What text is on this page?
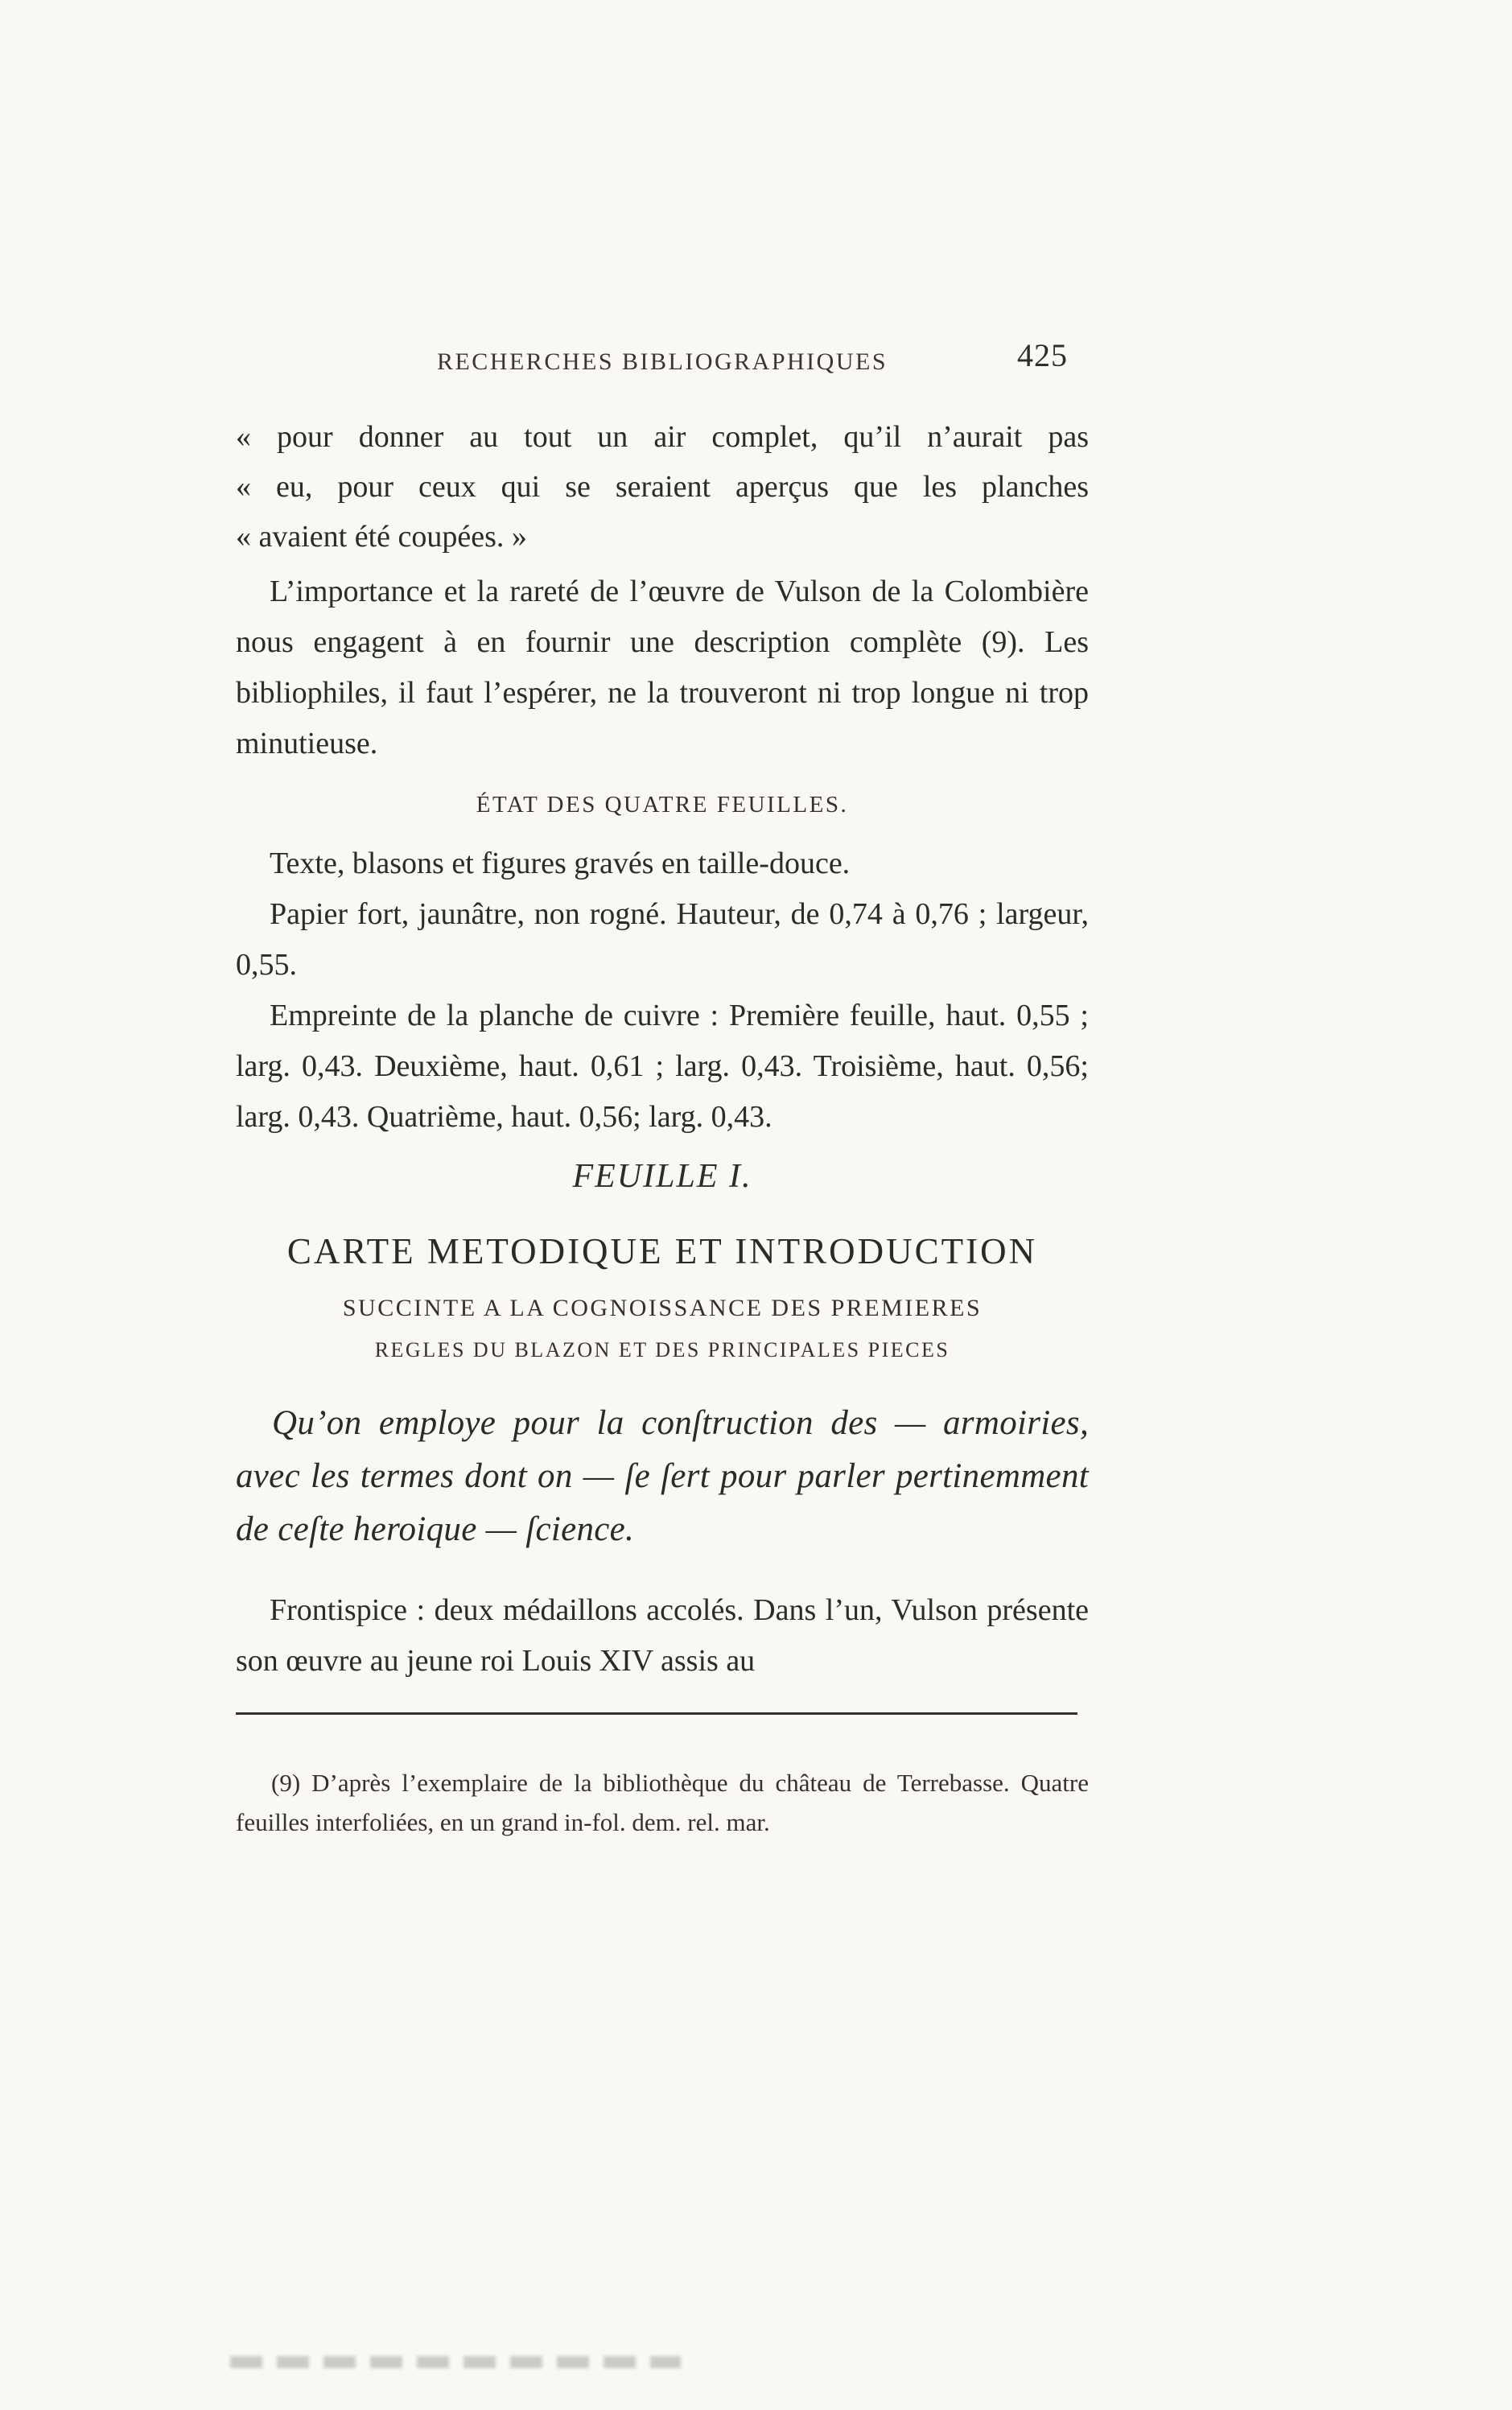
RECHERCHES BIBLIOGRAPHIQUES	425
« pour donner au tout un air complet, qu’il n’aurait pas
« eu, pour ceux qui se seraient aperçus que les planches
« avaient été coupées. »

L’importance et la rareté de l’œuvre de Vulson de la Colombière nous engagent à en fournir une description complète (9). Les bibliophiles, il faut l’espérer, ne la trouveront ni trop longue ni trop minutieuse.

ÉTAT DES QUATRE FEUILLES.

Texte, blasons et figures gravés en taille-douce.

Papier fort, jaunâtre, non rogné. Hauteur, de 0,74 à 0,76 ; largeur, 0,55.

Empreinte de la planche de cuivre : Première feuille, haut. 0,55 ; larg. 0,43. Deuxième, haut. 0,61 ; larg. 0,43. Troisième, haut. 0,56; larg. 0,43. Quatrième, haut. 0,56; larg. 0,43.

FEUILLE I.
CARTE METODIQUE ET INTRODUCTION
SUCCINTE A LA COGNOISSANCE DES PREMIERES
REGLES DU BLAZON ET DES PRINCIPALES PIECES

Qu’on employe pour la conſtruction des — armoiries, avec les termes dont on — ſe ſert pour parler pertinemment de ceſte heroique — ſcience.

Frontispice : deux médaillons accolés. Dans l’un, Vulson présente son œuvre au jeune roi Louis XIV assis au

(9) D’après l’exemplaire de la bibliothèque du château de Terrebasse. Quatre feuilles interfoliées, en un grand in-fol. dem. rel. mar.
